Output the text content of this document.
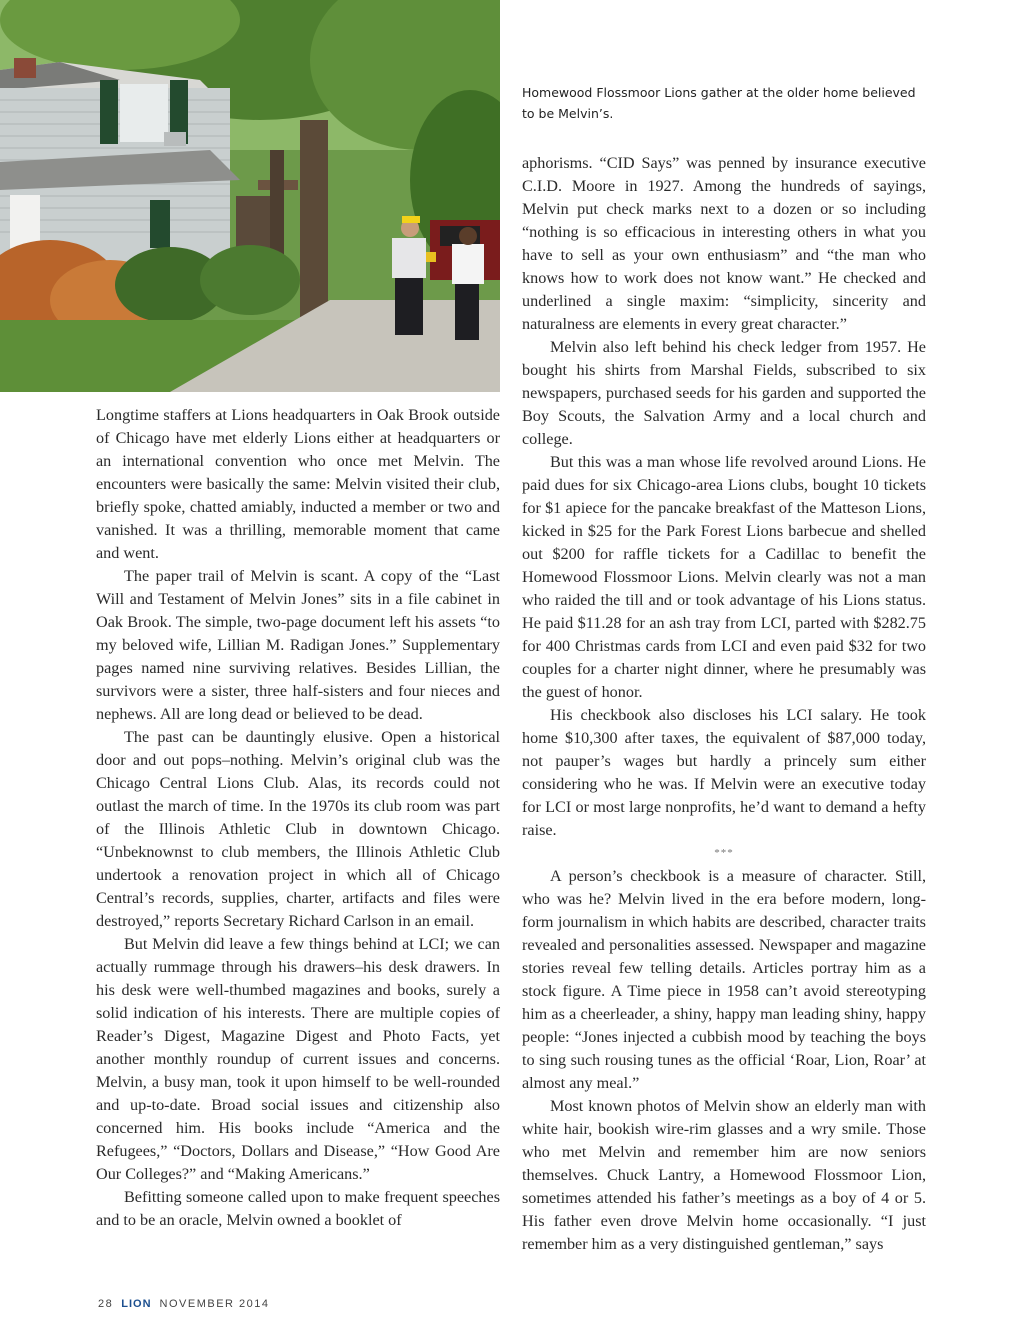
Homewood Flossmoor Lions gather at the older home believed to be Melvin’s.

Longtime staffers at Lions headquarters in Oak Brook outside of Chicago have met elderly Lions either at headquarters or an international convention who once met Melvin. The encounters were basically the same: Melvin visited their club, briefly spoke, chatted amiably, inducted a member or two and vanished. It was a thrilling, memorable moment that came and went.

The paper trail of Melvin is scant. A copy of the “Last Will and Testament of Melvin Jones” sits in a file cabinet in Oak Brook. The simple, two-page document left his assets “to my beloved wife, Lillian M. Radigan Jones.” Supplementary pages named nine surviving relatives. Besides Lillian, the survivors were a sister, three half-sisters and four nieces and nephews. All are long dead or believed to be dead.

The past can be dauntingly elusive. Open a historical door and out pops–nothing. Melvin’s original club was the Chicago Central Lions Club. Alas, its records could not outlast the march of time. In the 1970s its club room was part of the Illinois Athletic Club in downtown Chicago. “Unbeknownst to club members, the Illinois Athletic Club undertook a renovation project in which all of Chicago Central’s records, supplies, charter, artifacts and files were destroyed,” reports Secretary Richard Carlson in an email.

But Melvin did leave a few things behind at LCI; we can actually rummage through his drawers–his desk drawers. In his desk were well-thumbed magazines and books, surely a solid indication of his interests. There are multiple copies of Reader’s Digest, Magazine Digest and Photo Facts, yet another monthly roundup of current issues and concerns. Melvin, a busy man, took it upon himself to be well-rounded and up-to-date. Broad social issues and citizenship also concerned him. His books include “America and the Refugees,” “Doctors, Dollars and Disease,” “How Good Are Our Colleges?” and “Making Americans.”

Befitting someone called upon to make frequent speeches and to be an oracle, Melvin owned a booklet of

aphorisms. “CID Says” was penned by insurance executive C.I.D. Moore in 1927. Among the hundreds of sayings, Melvin put check marks next to a dozen or so including “nothing is so efficacious in interesting others in what you have to sell as your own enthusiasm” and “the man who knows how to work does not know want.” He checked and underlined a single maxim: “simplicity, sincerity and naturalness are elements in every great character.”

Melvin also left behind his check ledger from 1957. He bought his shirts from Marshal Fields, subscribed to six newspapers, purchased seeds for his garden and supported the Boy Scouts, the Salvation Army and a local church and college.

But this was a man whose life revolved around Lions. He paid dues for six Chicago-area Lions clubs, bought 10 tickets for $1 apiece for the pancake breakfast of the Matteson Lions, kicked in $25 for the Park Forest Lions barbecue and shelled out $200 for raffle tickets for a Cadillac to benefit the Homewood Flossmoor Lions. Melvin clearly was not a man who raided the till and or took advantage of his Lions status. He paid $11.28 for an ash tray from LCI, parted with $282.75 for 400 Christmas cards from LCI and even paid $32 for two couples for a charter night dinner, where he presumably was the guest of honor.

His checkbook also discloses his LCI salary. He took home $10,300 after taxes, the equivalent of $87,000 today, not pauper’s wages but hardly a princely sum either considering who he was. If Melvin were an executive today for LCI or most large nonprofits, he’d want to demand a hefty raise.

***

A person’s checkbook is a measure of character. Still, who was he? Melvin lived in the era before modern, long-form journalism in which habits are described, character traits revealed and personalities assessed. Newspaper and magazine stories reveal few telling details. Articles portray him as a stock figure. A Time piece in 1958 can’t avoid stereotyping him as a cheerleader, a shiny, happy man leading shiny, happy people: “Jones injected a cubbish mood by teaching the boys to sing such rousing tunes as the official ‘Roar, Lion, Roar’ at almost any meal.”

Most known photos of Melvin show an elderly man with white hair, bookish wire-rim glasses and a wry smile. Those who met Melvin and remember him are now seniors themselves. Chuck Lantry, a Homewood Flossmoor Lion, sometimes attended his father’s meetings as a boy of 4 or 5. His father even drove Melvin home occasionally. “I just remember him as a very distinguished gentleman,” says

28 LION NOVEMBER 2014
